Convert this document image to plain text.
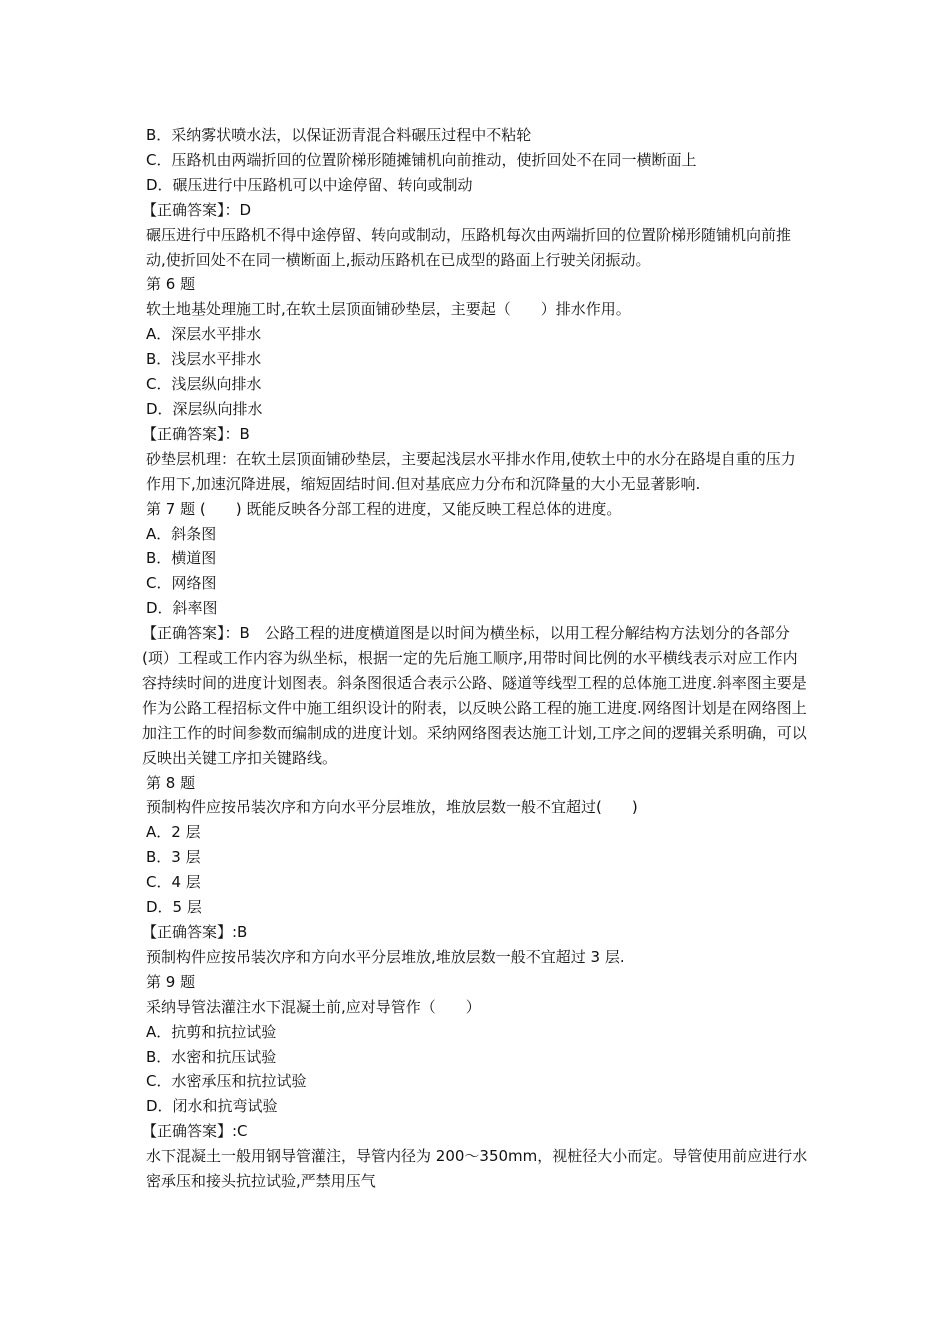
B．采纳雾状喷水法，以保证沥青混合料碾压过程中不粘轮

C．压路机由两端折回的位置阶梯形随摊铺机向前推动，使折回处不在同一横断面上

D．碾压进行中压路机可以中途停留、转向或制动

【正确答案】：D

碾压进行中压路机不得中途停留、转向或制动，压路机每次由两端折回的位置阶梯形随铺机向前推动,使折回处不在同一横断面上,振动压路机在已成型的路面上行驶关闭振动。

第 6 题

软土地基处理施工时,在软土层顶面铺砂垫层，主要起（　　）排水作用。

A．深层水平排水

B．浅层水平排水

C．浅层纵向排水

D．深层纵向排水

【正确答案】：B

砂垫层机理：在软土层顶面铺砂垫层，主要起浅层水平排水作用,使软土中的水分在路堤自重的压力作用下,加速沉降进展，缩短固结时间.但对基底应力分布和沉降量的大小无显著影响.

第 7 题 (　　) 既能反映各分部工程的进度，又能反映工程总体的进度。

A．斜条图

B．横道图

C．网络图

D．斜率图

【正确答案】：B　公路工程的进度横道图是以时间为横坐标，以用工程分解结构方法划分的各部分(项）工程或工作内容为纵坐标，根据一定的先后施工顺序,用带时间比例的水平横线表示对应工作内容持续时间的进度计划图表。斜条图很适合表示公路、隧道等线型工程的总体施工进度.斜率图主要是作为公路工程招标文件中施工组织设计的附表，以反映公路工程的施工进度.网络图计划是在网络图上加注工作的时间参数而编制成的进度计划。采纳网络图表达施工计划,工序之间的逻辑关系明确，可以反映出关键工序扣关键路线。

第 8 题

预制构件应按吊装次序和方向水平分层堆放，堆放层数一般不宜超过(　　)

A．2 层

B．3 层

C．4 层

D．5 层

【正确答案】:B

预制构件应按吊装次序和方向水平分层堆放,堆放层数一般不宜超过 3 层.

第 9 题

采纳导管法灌注水下混凝土前,应对导管作（　　）

A．抗剪和抗拉试验

B．水密和抗压试验

C．水密承压和抗拉试验

D．闭水和抗弯试验

【正确答案】:C

水下混凝土一般用钢导管灌注，导管内径为 200～350mm，视桩径大小而定。导管使用前应进行水密承压和接头抗拉试验,严禁用压气
